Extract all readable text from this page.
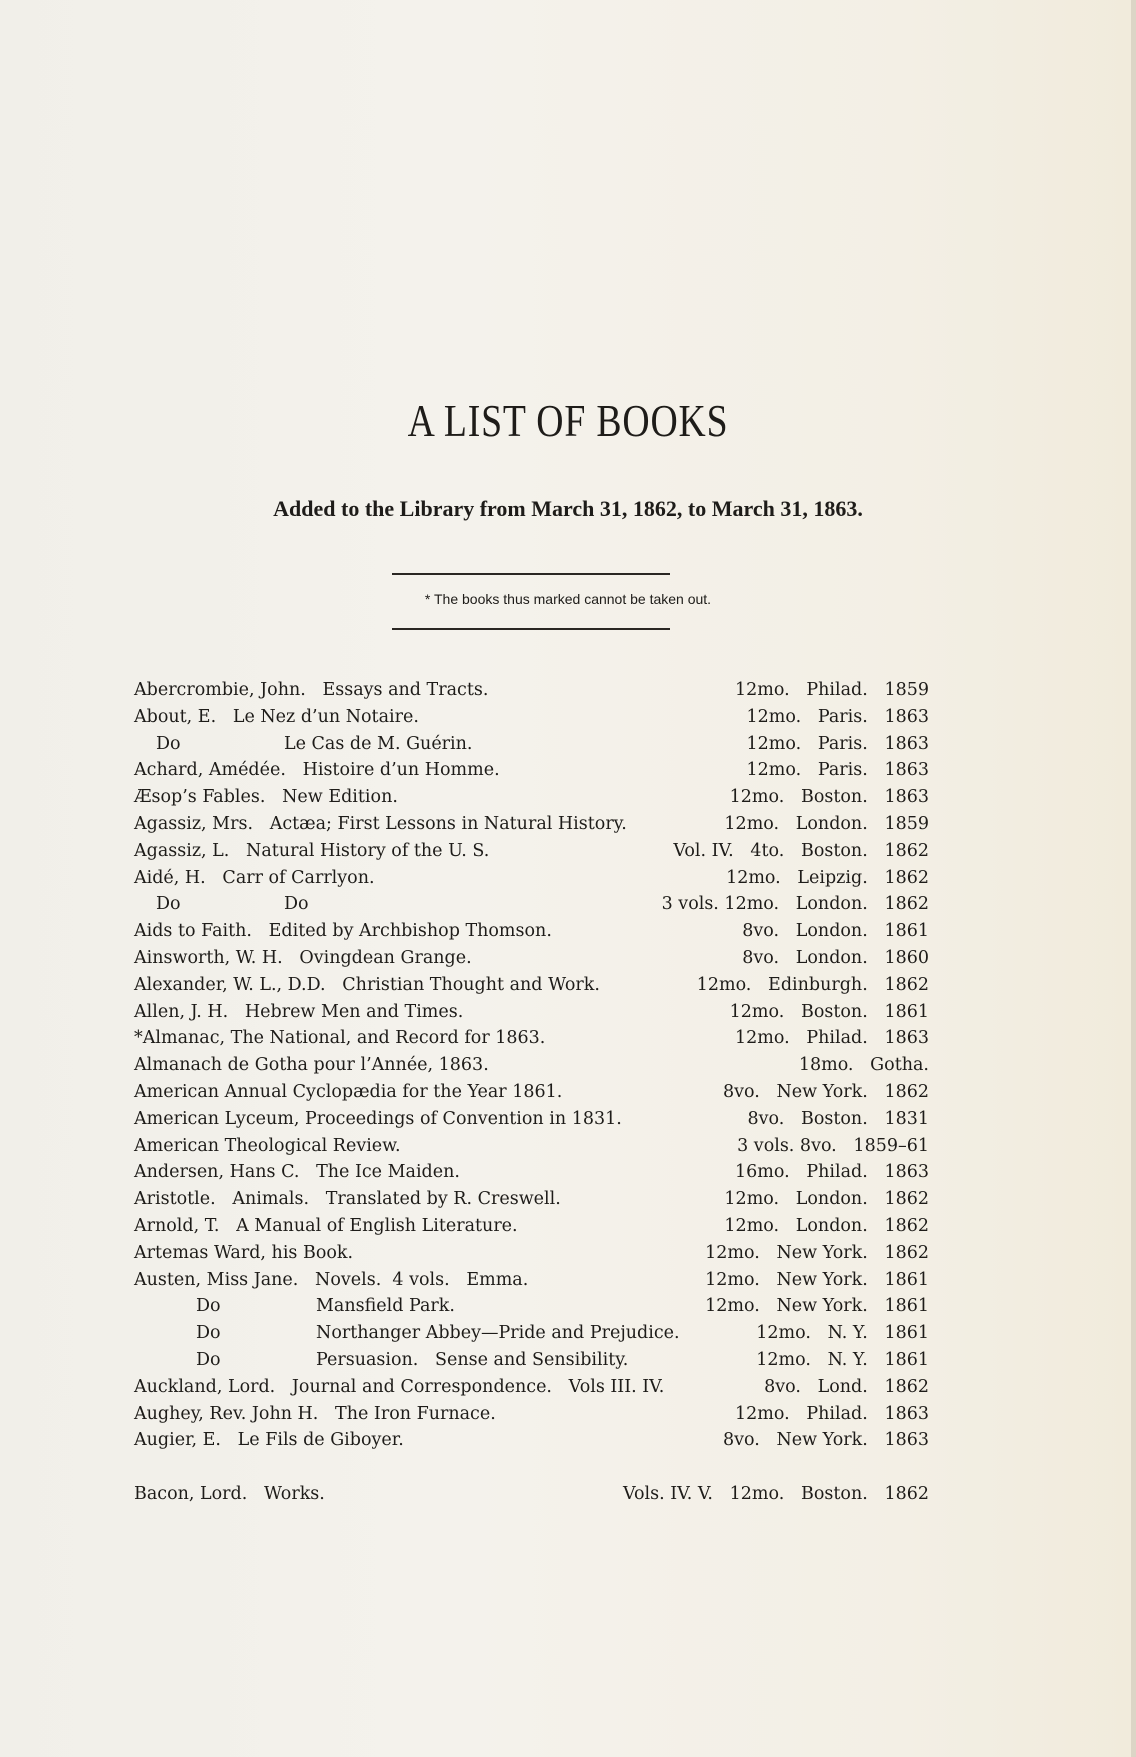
A LIST OF BOOKS
Added to the Library from March 31, 1862, to March 31, 1863.
* The books thus marked cannot be taken out.
Abercrombie, John.   Essays and Tracts.	12mo.   Philad.   1859
About, E.   Le Nez d’un Notaire.	12mo.   Paris.   1863
Do	Le Cas de M. Guérin.	12mo.   Paris.   1863
Achard, Amédée.   Histoire d’un Homme.	12mo.   Paris.   1863
Æsop’s Fables.   New Edition.	12mo.   Boston.   1863
Agassiz, Mrs.   Actæa; First Lessons in Natural History.	12mo.   London.   1859
Agassiz, L.   Natural History of the U. S.	Vol. IV.   4to.   Boston.   1862
Aidé, H.   Carr of Carrlyon.	12mo.   Leipzig.   1862
Do	Do	3 vols. 12mo.   London.   1862
Aids to Faith.   Edited by Archbishop Thomson.	8vo.   London.   1861
Ainsworth, W. H.   Ovingdean Grange.	8vo.   London.   1860
Alexander, W. L., D.D.   Christian Thought and Work.	12mo.   Edinburgh.   1862
Allen, J. H.   Hebrew Men and Times.	12mo.   Boston.   1861
*Almanac, The National, and Record for 1863.	12mo.   Philad.   1863
Almanach de Gotha pour l’Année, 1863.	18mo.   Gotha.
American Annual Cyclopædia for the Year 1861.	8vo.   New York.   1862
American Lyceum, Proceedings of Convention in 1831.	8vo.   Boston.   1831
American Theological Review.	3 vols. 8vo.   1859–61
Andersen, Hans C.   The Ice Maiden.	16mo.   Philad.   1863
Aristotle.   Animals.   Translated by R. Creswell.	12mo.   London.   1862
Arnold, T.   A Manual of English Literature.	12mo.   London.   1862
Artemas Ward, his Book.	12mo.   New York.   1862
Austen, Miss Jane.   Novels.  4 vols.   Emma.	12mo.   New York.   1861
Do	Mansfield Park.	12mo.   New York.   1861
Do	Northanger Abbey—Pride and Prejudice.	12mo.   N. Y.   1861
Do	Persuasion.   Sense and Sensibility.	12mo.   N. Y.   1861
Auckland, Lord.   Journal and Correspondence.   Vols III. IV.	8vo.   Lond.   1862
Aughey, Rev. John H.   The Iron Furnace.	12mo.   Philad.   1863
Augier, E.   Le Fils de Giboyer.	8vo.   New York.   1863
Bacon, Lord.   Works.	Vols. IV. V.   12mo.   Boston.   1862
